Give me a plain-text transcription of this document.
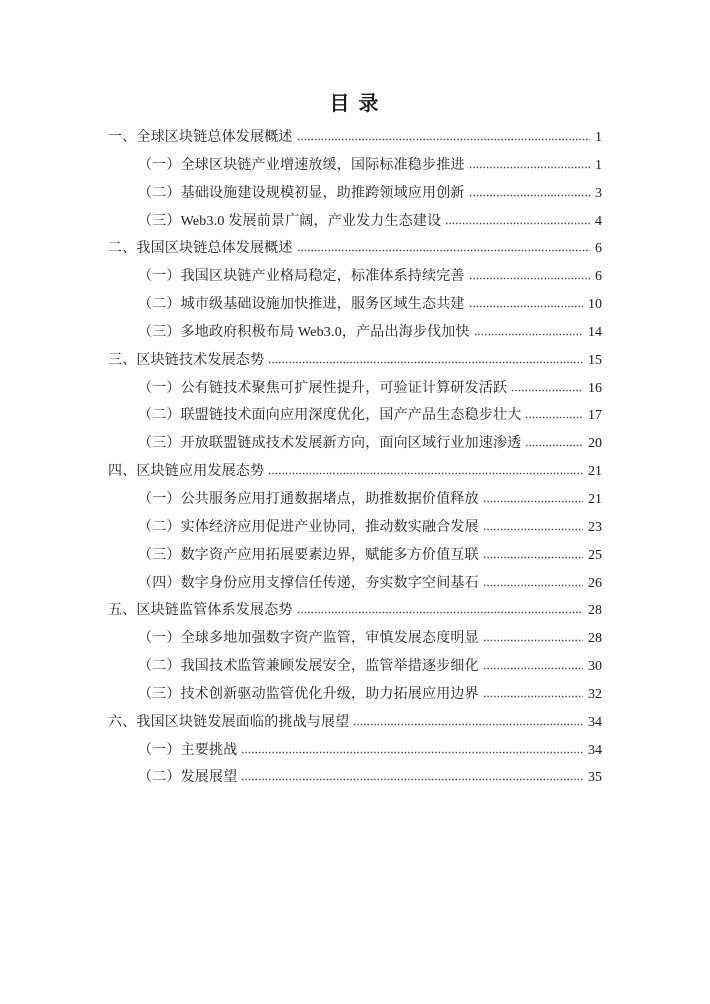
目 录
一、全球区块链总体发展概述	1
（一）全球区块链产业增速放缓，国际标准稳步推进	1
（二）基础设施建设规模初显，助推跨领域应用创新	3
（三）Web3.0 发展前景广阔，产业发力生态建设	4
二、我国区块链总体发展概述	6
（一）我国区块链产业格局稳定，标准体系持续完善	6
（二）城市级基础设施加快推进，服务区域生态共建	10
（三）多地政府积极布局 Web3.0，产品出海步伐加快	14
三、区块链技术发展态势	15
（一）公有链技术聚焦可扩展性提升，可验证计算研发活跃	16
（二）联盟链技术面向应用深度优化，国产产品生态稳步壮大	17
（三）开放联盟链成技术发展新方向，面向区域行业加速渗透	20
四、区块链应用发展态势	21
（一）公共服务应用打通数据堵点，助推数据价值释放	21
（二）实体经济应用促进产业协同，推动数实融合发展	23
（三）数字资产应用拓展要素边界，赋能多方价值互联	25
（四）数字身份应用支撑信任传递，夯实数字空间基石	26
五、区块链监管体系发展态势	28
（一）全球多地加强数字资产监管，审慎发展态度明显	28
（二）我国技术监管兼顾发展安全，监管举措逐步细化	30
（三）技术创新驱动监管优化升级，助力拓展应用边界	32
六、我国区块链发展面临的挑战与展望	34
（一）主要挑战	34
（二）发展展望	35
